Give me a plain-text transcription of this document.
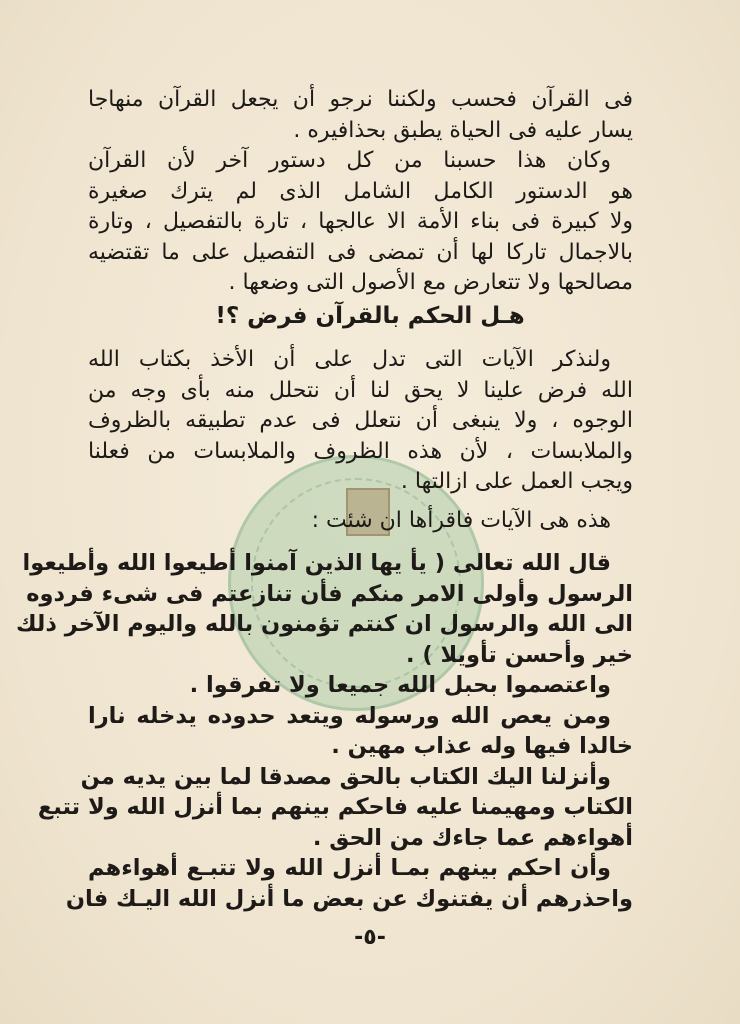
فى القرآن فحسب ولكننا نرجو أن يجعل القرآن منهاجا
يسار عليه فى الحياة يطبق بحذافيره .
وكان هذا حسبنا من كل دستور آخر لأن القرآن
هو الدستور الكامل الشامل الذى لم يترك صغيرة
ولا كبيرة فى بناء الأمة الا عالجها ، تارة بالتفصيل ، وتارة
بالاجمال تاركا لها أن تمضى فى التفصيل على ما تقتضيه
مصالحها ولا تتعارض مع الأصول التى وضعها .
هـل الحكم بالقرآن فرض ؟!
ولنذكر الآيات التى تدل على أن الأخذ بكتاب الله
الله فرض علينا لا يحق لنا أن نتحلل منه بأى وجه من
الوجوه ، ولا ينبغى أن نتعلل فى عدم تطبيقه بالظروف
والملابسات ، لأن هذه الظروف والملابسات من فعلنا
ويجب العمل على ازالتها .
هذه هى الآيات فاقرأها ان شئت :
قال الله تعالى ( يأ يها الذين آمنوا أطيعوا الله وأطيعوا
الرسول وأولى الامر منكم فأن تنازعتم فى شىء فردوه
الى الله والرسول ان كنتم تؤمنون بالله واليوم الآخر ذلك
خير وأحسن تأويلا ) .
واعتصموا بحبل الله جميعا ولا تفرقوا .
ومن يعص الله ورسوله ويتعد حدوده يدخله نارا
خالدا فيها وله عذاب مهين .
وأنزلنا اليك الكتاب بالحق مصدقا لما بين يديه من
الكتاب ومهيمنا عليه فاحكم بينهم بما أنزل الله ولا تتبع
أهواءهم عما جاءك من الحق .
وأن احكم بينهم بمـا أنزل الله ولا تتبـع أهواءهم
واحذرهم أن يفتنوك عن بعض ما أنزل الله اليـك فان
-٥-
